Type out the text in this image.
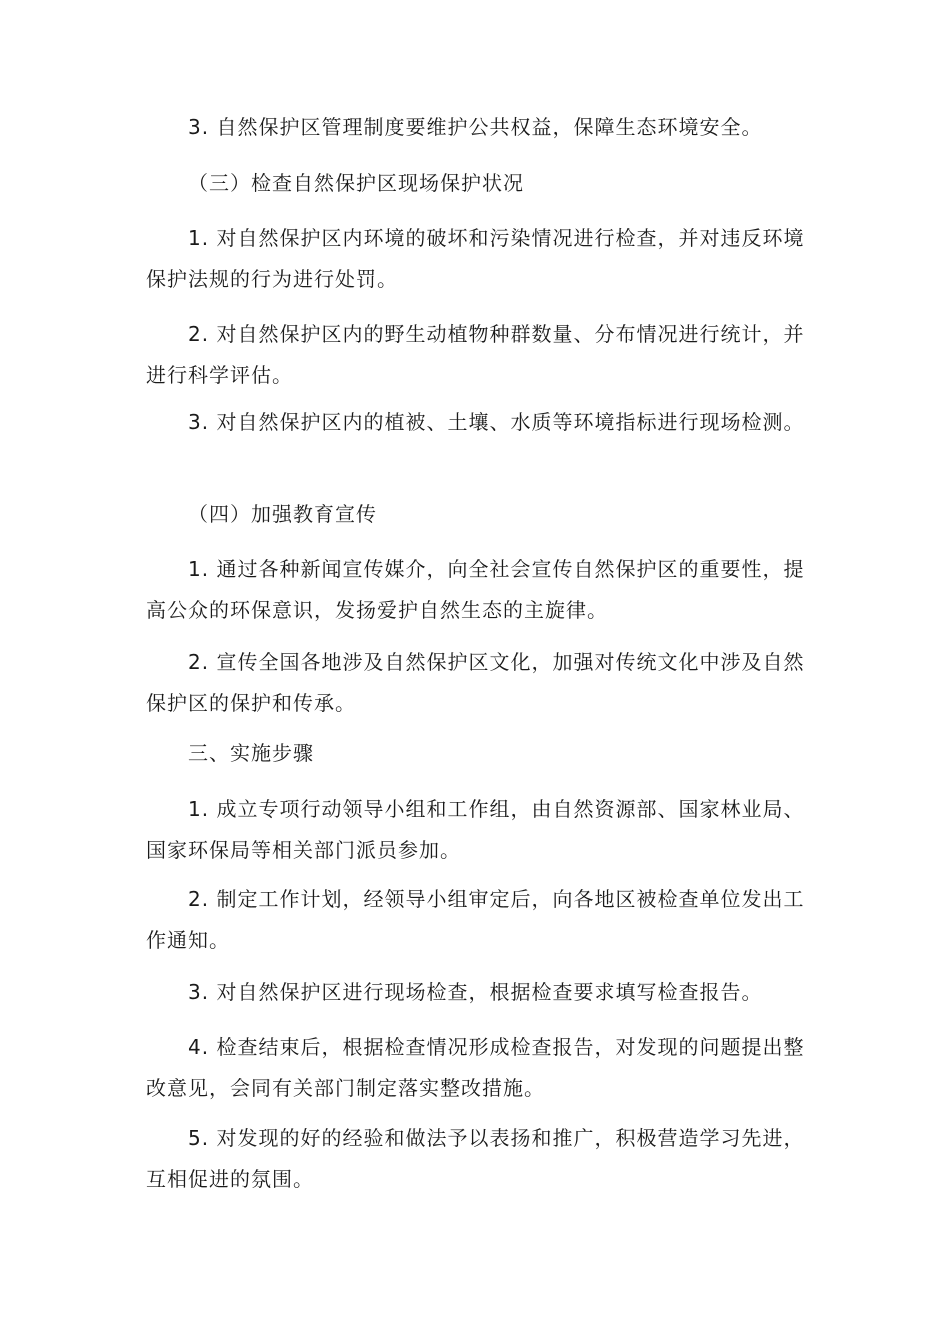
3. 自然保护区管理制度要维护公共权益，保障生态环境安全。

（三）检查自然保护区现场保护状况

1. 对自然保护区内环境的破坏和污染情况进行检查，并对违反环境保护法规的行为进行处罚。

2. 对自然保护区内的野生动植物种群数量、分布情况进行统计，并进行科学评估。

3. 对自然保护区内的植被、土壤、水质等环境指标进行现场检测。

（四）加强教育宣传

1. 通过各种新闻宣传媒介，向全社会宣传自然保护区的重要性，提高公众的环保意识，发扬爱护自然生态的主旋律。

2. 宣传全国各地涉及自然保护区文化，加强对传统文化中涉及自然保护区的保护和传承。

三、实施步骤

1. 成立专项行动领导小组和工作组，由自然资源部、国家林业局、国家环保局等相关部门派员参加。

2. 制定工作计划，经领导小组审定后，向各地区被检查单位发出工作通知。

3. 对自然保护区进行现场检查，根据检查要求填写检查报告。

4. 检查结束后，根据检查情况形成检查报告，对发现的问题提出整改意见，会同有关部门制定落实整改措施。

5. 对发现的好的经验和做法予以表扬和推广，积极营造学习先进，互相促进的氛围。
